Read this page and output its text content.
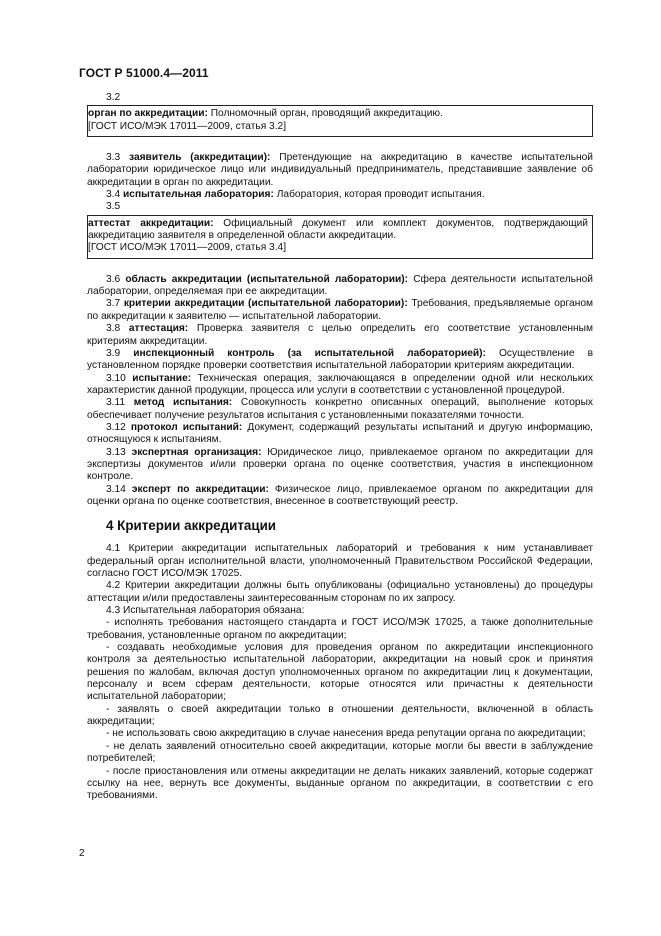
ГОСТ Р 51000.4—2011

3.2

орган по аккредитации: Полномочный орган, проводящий аккредитацию.

[ГОСТ ИСО/МЭК 17011—2009, статья 3.2]

3.3 заявитель (аккредитации): Претендующие на аккредитацию в качестве испытательной лаборатории юридическое лицо или индивидуальный предприниматель, представившие заявление об аккредитации в орган по аккредитации.

3.4 испытательная лаборатория: Лаборатория, которая проводит испытания.

3.5

аттестат аккредитации: Официальный документ или комплект документов, подтверждающий аккредитацию заявителя в определенной области аккредитации.

[ГОСТ ИСО/МЭК 17011—2009, статья 3.4]

3.6 область аккредитации (испытательной лаборатории): Сфера деятельности испытательной лаборатории, определяемая при ее аккредитации.

3.7 критерии аккредитации (испытательной лаборатории): Требования, предъявляемые органом по аккредитации к заявителю — испытательной лаборатории.

3.8 аттестация: Проверка заявителя с целью определить его соответствие установленным критериям аккредитации.

3.9 инспекционный контроль (за испытательной лабораторией): Осуществление в установленном порядке проверки соответствия испытательной лаборатории критериям аккредитации.

3.10 испытание: Техническая операция, заключающаяся в определении одной или нескольких характеристик данной продукции, процесса или услуги в соответствии с установленной процедурой.

3.11 метод испытания: Совокупность конкретно описанных операций, выполнение которых обеспечивает получение результатов испытания с установленными показателями точности.

3.12 протокол испытаний: Документ, содержащий результаты испытаний и другую информацию, относящуюся к испытаниям.

3.13 экспертная организация: Юридическое лицо, привлекаемое органом по аккредитации для экспертизы документов и/или проверки органа по оценке соответствия, участия в инспекционном контроле.

3.14 эксперт по аккредитации: Физическое лицо, привлекаемое органом по аккредитации для оценки органа по оценке соответствия, внесенное в соответствующий реестр.

4 Критерии аккредитации

4.1 Критерии аккредитации испытательных лабораторий и требования к ним устанавливает федеральный орган исполнительной власти, уполномоченный Правительством Российской Федерации, согласно ГОСТ ИСО/МЭК 17025.

4.2 Критерии аккредитации должны быть опубликованы (официально установлены) до процедуры аттестации и/или предоставлены заинтересованным сторонам по их запросу.

4.3 Испытательная лаборатория обязана:

- исполнять требования настоящего стандарта и ГОСТ ИСО/МЭК 17025, а также дополнительные требования, установленные органом по аккредитации;

- создавать необходимые условия для проведения органом по аккредитации инспекционного контроля за деятельностью испытательной лаборатории, аккредитации на новый срок и принятия решения по жалобам, включая доступ уполномоченных органом по аккредитации лиц к документации, персоналу и всем сферам деятельности, которые относятся или причастны к деятельности испытательной лаборатории;

- заявлять о своей аккредитации только в отношении деятельности, включенной в область аккредитации;

- не использовать свою аккредитацию в случае нанесения вреда репутации органа по аккредитации;

- не делать заявлений относительно своей аккредитации, которые могли бы ввести в заблуждение потребителей;

- после приостановления или отмены аккредитации не делать никаких заявлений, которые содержат ссылку на нее, вернуть все документы, выданные органом по аккредитации, в соответствии с его требованиями.

2
